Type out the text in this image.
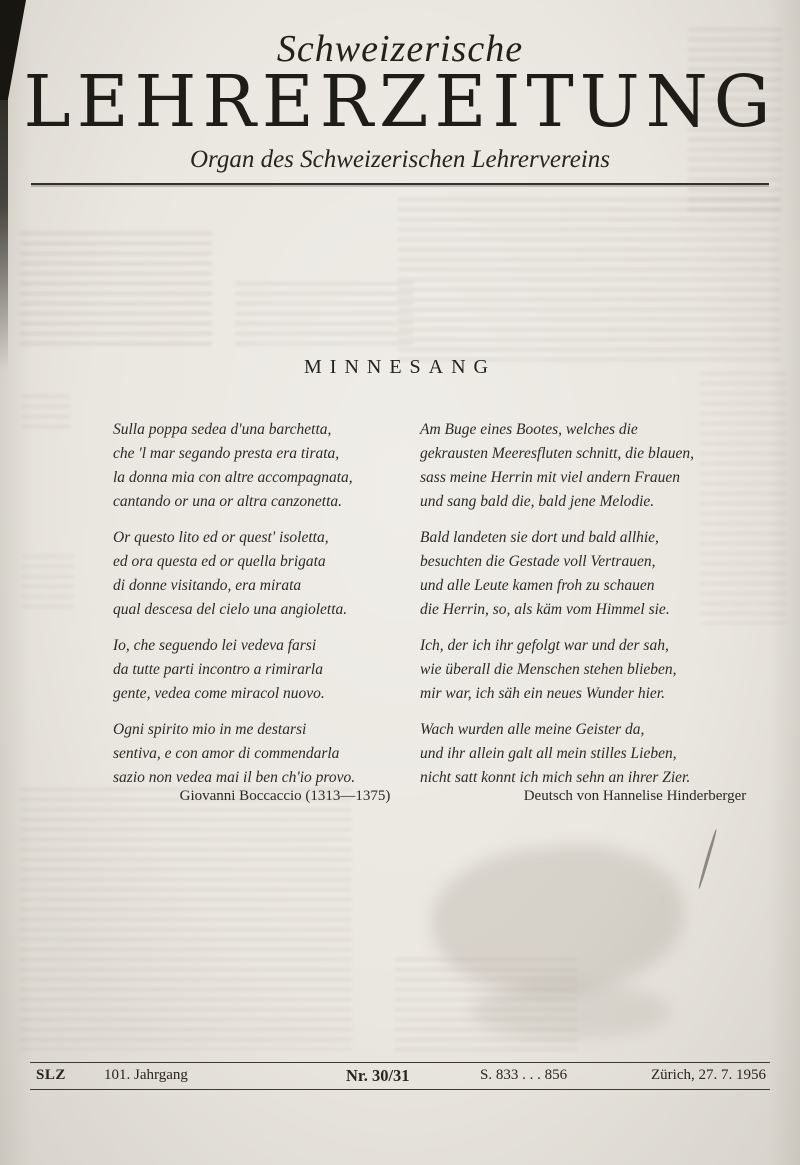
Schweizerische
LEHRERZEITUNG
Organ des Schweizerischen Lehrervereins
MINNESANG

Sulla poppa sedea d'una barchetta,

che 'l mar segando presta era tirata,

la donna mia con altre accompagnata,

cantando or una or altra canzonetta.

Or questo lito ed or quest' isoletta,

ed ora questa ed or quella brigata

di donne visitando, era mirata

qual descesa del cielo una angioletta.

Io, che seguendo lei vedeva farsi

da tutte parti incontro a rimirarla

gente, vedea come miracol nuovo.

Ogni spirito mio in me destarsi

sentiva, e con amor di commendarla

sazio non vedea mai il ben ch'io provo.

Am Buge eines Bootes, welches die

gekrausten Meeresfluten schnitt, die blauen,

sass meine Herrin mit viel andern Frauen

und sang bald die, bald jene Melodie.

Bald landeten sie dort und bald allhie,

besuchten die Gestade voll Vertrauen,

und alle Leute kamen froh zu schauen

die Herrin, so, als käm vom Himmel sie.

Ich, der ich ihr gefolgt war und der sah,

wie überall die Menschen stehen blieben,

mir war, ich säh ein neues Wunder hier.

Wach wurden alle meine Geister da,

und ihr allein galt all mein stilles Lieben,

nicht satt konnt ich mich sehn an ihrer Zier.

Giovanni Boccaccio (1313—1375)	Deutsch von Hannelise Hinderberger
SLZ	101. Jahrgang	Nr. 30/31	S. 833 . . . 856	Zürich, 27. 7. 1956
